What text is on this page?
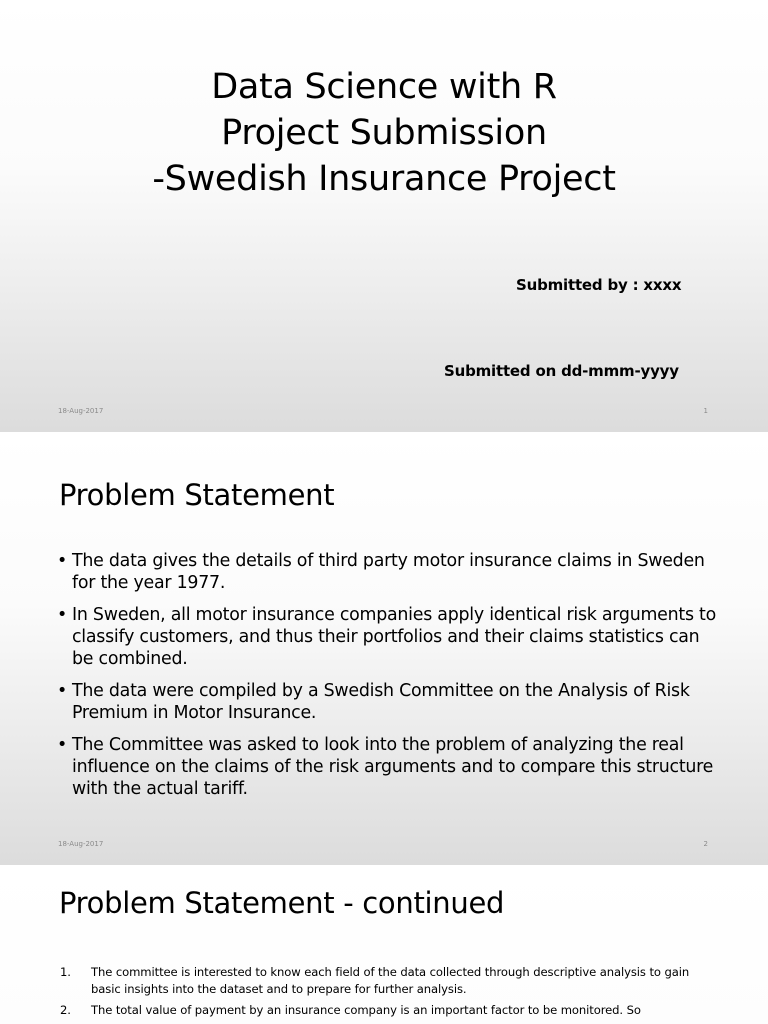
Data Science with R
Project Submission
-Swedish Insurance Project
Submitted by : xxxx
Submitted on dd-mmm-yyyy
18-Aug-2017	1
Problem Statement
• The data gives the details of third party motor insurance claims in Sweden for the year 1977.
• In Sweden, all motor insurance companies apply identical risk arguments to classify customers, and thus their portfolios and their claims statistics can be combined.
• The data were compiled by a Swedish Committee on the Analysis of Risk Premium in Motor Insurance.
• The Committee was asked to look into the problem of analyzing the real influence on the claims of the risk arguments and to compare this structure with the actual tariff.
18-Aug-2017	2
Problem Statement - continued
1. The committee is interested to know each field of the data collected through descriptive analysis to gain basic insights into the dataset and to prepare for further analysis.
2. The total value of payment by an insurance company is an important factor to be monitored. So
